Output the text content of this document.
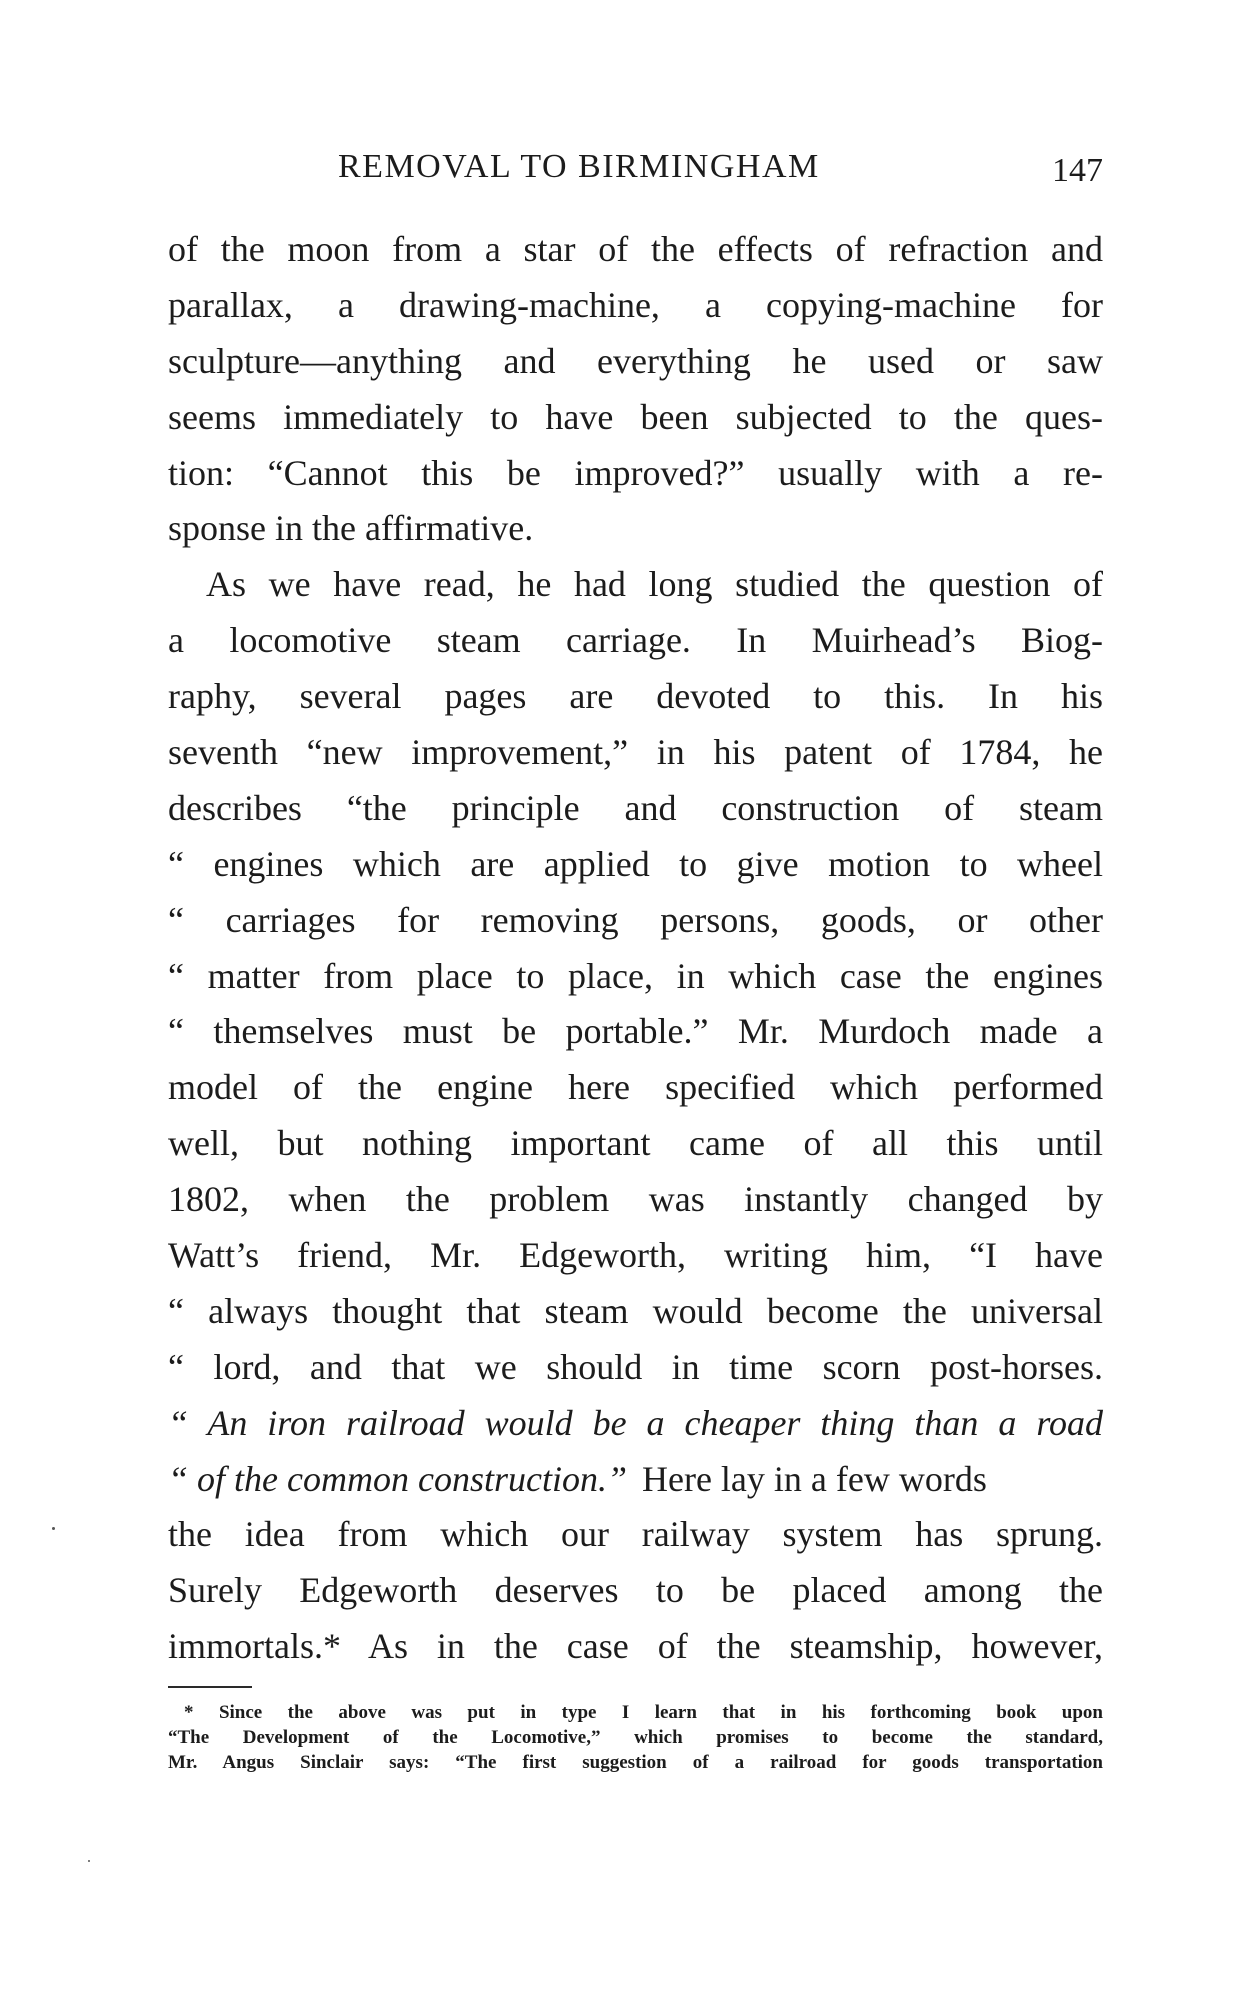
REMOVAL TO BIRMINGHAM	147
of the moon from a star of the effects of refraction and
parallax, a drawing-machine, a copying-machine for
sculpture—anything and everything he used or saw
seems immediately to have been subjected to the ques-
tion: “Cannot this be improved?” usually with a re-
sponse in the affirmative.
As we have read, he had long studied the question of
a locomotive steam carriage. In Muirhead’s Biog-
raphy, several pages are devoted to this. In his
seventh “new improvement,” in his patent of 1784, he
describes “the principle and construction of steam
“ engines which are applied to give motion to wheel
“ carriages for removing persons, goods, or other
“ matter from place to place, in which case the engines
“ themselves must be portable.” Mr. Murdoch made a
model of the engine here specified which performed
well, but nothing important came of all this until
1802, when the problem was instantly changed by
Watt’s friend, Mr. Edgeworth, writing him, “I have
“ always thought that steam would become the universal
“ lord, and that we should in time scorn post-horses.
“ An iron railroad would be a cheaper thing than a road
“ of the common construction.” Here lay in a few words
the idea from which our railway system has sprung.
Surely Edgeworth deserves to be placed among the
immortals.* As in the case of the steamship, however,
* Since the above was put in type I learn that in his forthcoming book upon
“The Development of the Locomotive,” which promises to become the standard,
Mr. Angus Sinclair says: “The first suggestion of a railroad for goods transportation
